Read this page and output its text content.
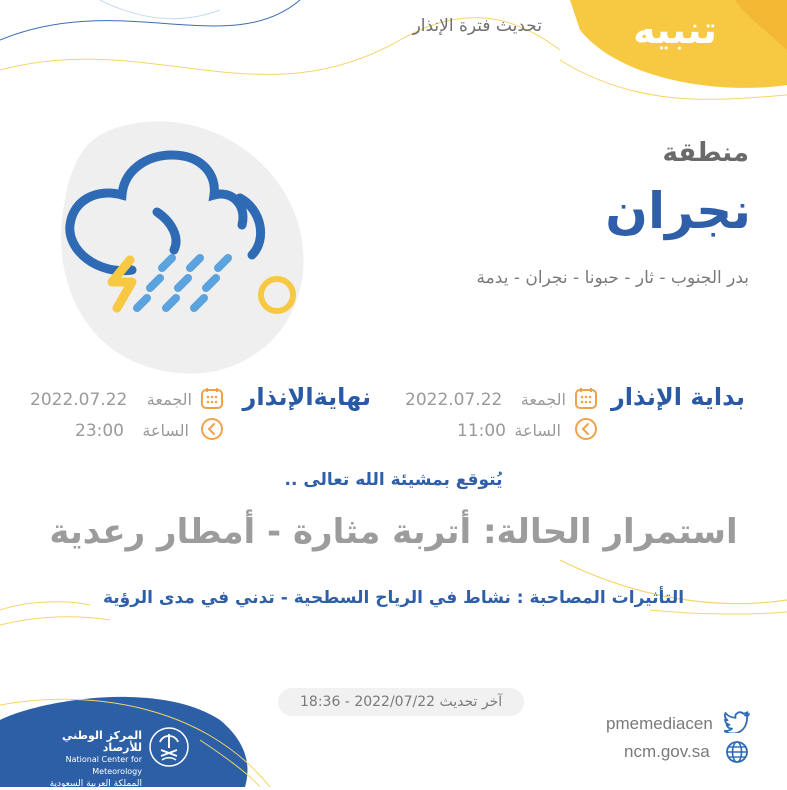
تنبيه
تحديث فترة الإنذار
منطقة
نجران
بدر الجنوب - ثار - حبونا - نجران - يدمة
بداية الإنذار
الجمعة
2022.07.22
الساعة
11:00
نهايةالإنذار
الجمعة
2022.07.22
الساعة
23:00
يُتوقع بمشيئة الله تعالى ..
استمرار الحالة: أتربة مثارة - أمطار رعدية
التأثيرات المصاحبة : نشاط في الرياح السطحية - تدني في مدى الرؤية
آخر تحديث 2022/07/22 - 18:36
pmemediacen
ncm.gov.sa
المركز الوطني للأرصاد
National Center for Meteorology
المملكة العربية السعودية
